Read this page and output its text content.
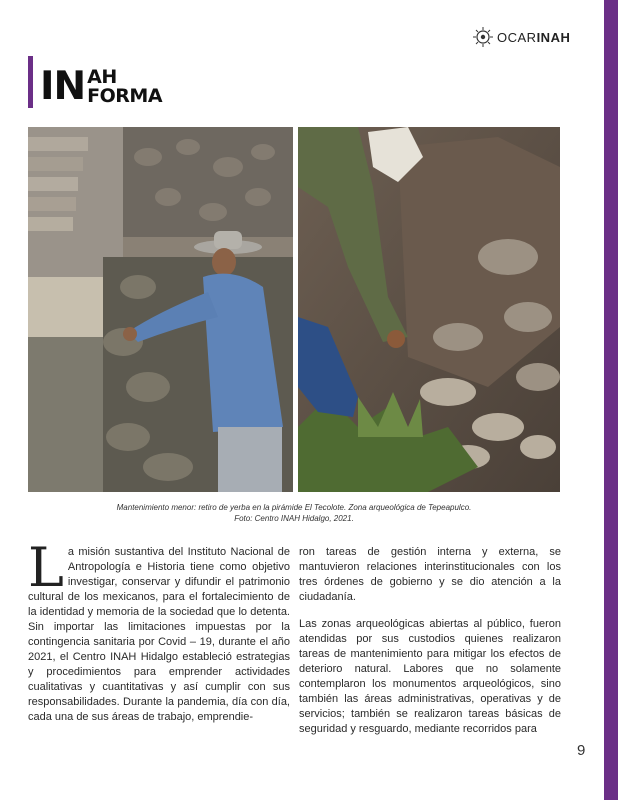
OCARINAH
IN AH
FORMA
Mantenimiento menor: retiro de yerba en la pirámide El Tecolote. Zona arqueológica de Tepeapulco.
Foto: Centro INAH Hidalgo, 2021.

La misión sustantiva del Instituto Nacional de Antropología e Historia tiene como objetivo investigar, conservar y difundir el patrimonio cultural de los mexicanos, para el fortalecimiento de la identidad y memoria de la sociedad que lo detenta. Sin importar las limitaciones impuestas por la contingencia sanitaria por Covid – 19, durante el año 2021, el Centro INAH Hidalgo estableció estrategias y procedimientos para emprender actividades cualitativas y cuantitativas y así cumplir con sus responsabilidades. Durante la pandemia, día con día, cada una de sus áreas de trabajo, emprendie-

ron tareas de gestión interna y externa, se mantuvieron relaciones interinstitucionales con los tres órdenes de gobierno y se dio atención a la ciudadanía.

Las zonas arqueológicas abiertas al público, fueron atendidas por sus custodios quienes realizaron tareas de mantenimiento para mitigar los efectos de deterioro natural. Labores que no solamente contemplaron los monumentos arqueológicos, sino también las áreas administrativas, operativas y de servicios; también se realizaron tareas básicas de seguridad y resguardo, mediante recorridos para

9
